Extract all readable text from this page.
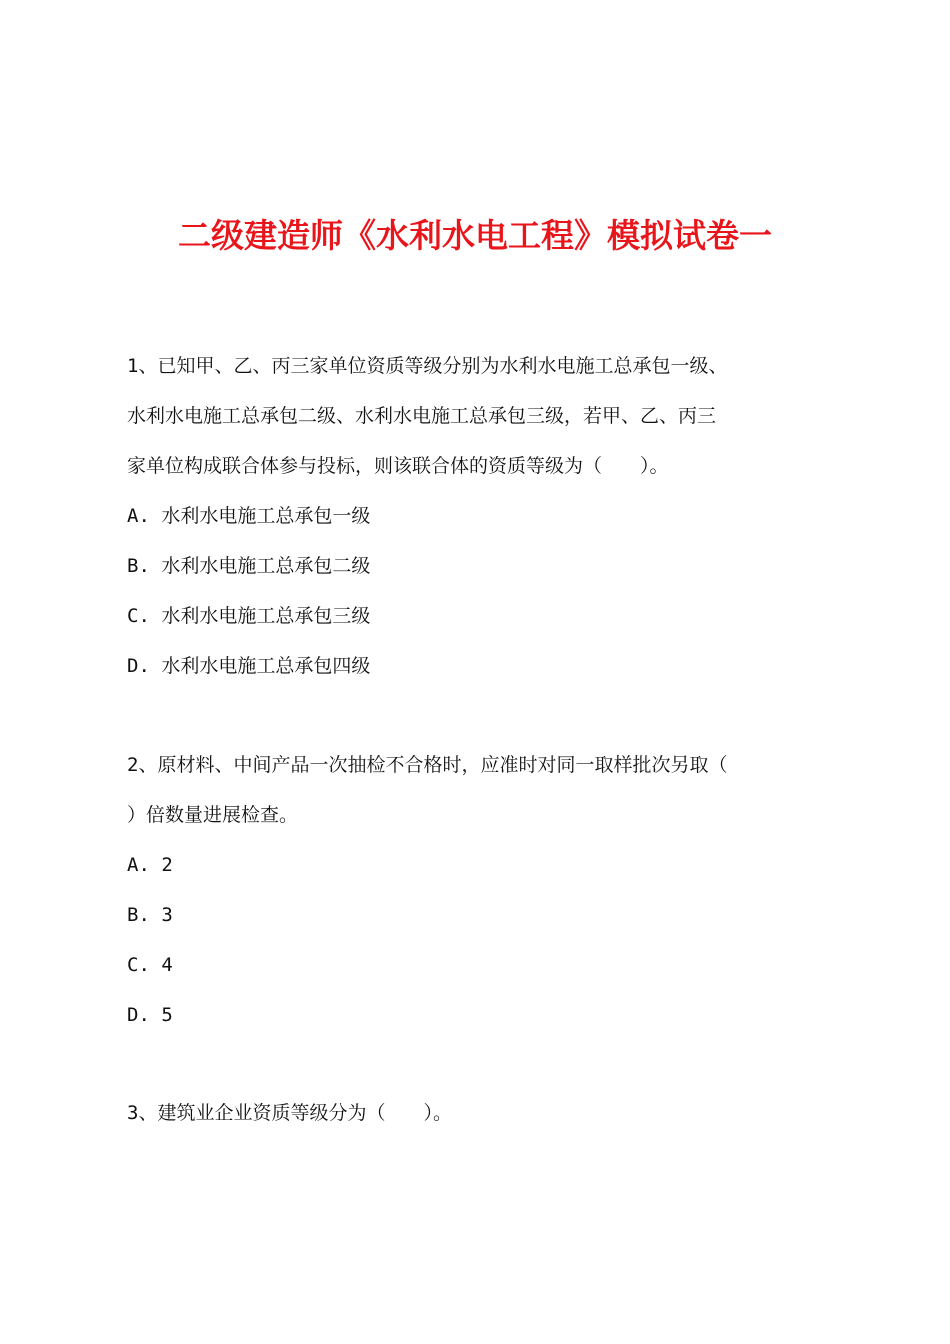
二级建造师《水利水电工程》模拟试卷一
1、已知甲、乙、丙三家单位资质等级分别为水利水电施工总承包一级、
水利水电施工总承包二级、水利水电施工总承包三级，若甲、乙、丙三
家单位构成联合体参与投标，则该联合体的资质等级为（　　）。
A. 水利水电施工总承包一级
B. 水利水电施工总承包二级
C. 水利水电施工总承包三级
D. 水利水电施工总承包四级
2、原材料、中间产品一次抽检不合格时，应准时对同一取样批次另取（
）倍数量进展检查。
A. 2
B. 3
C. 4
D. 5
3、建筑业企业资质等级分为（　　）。
